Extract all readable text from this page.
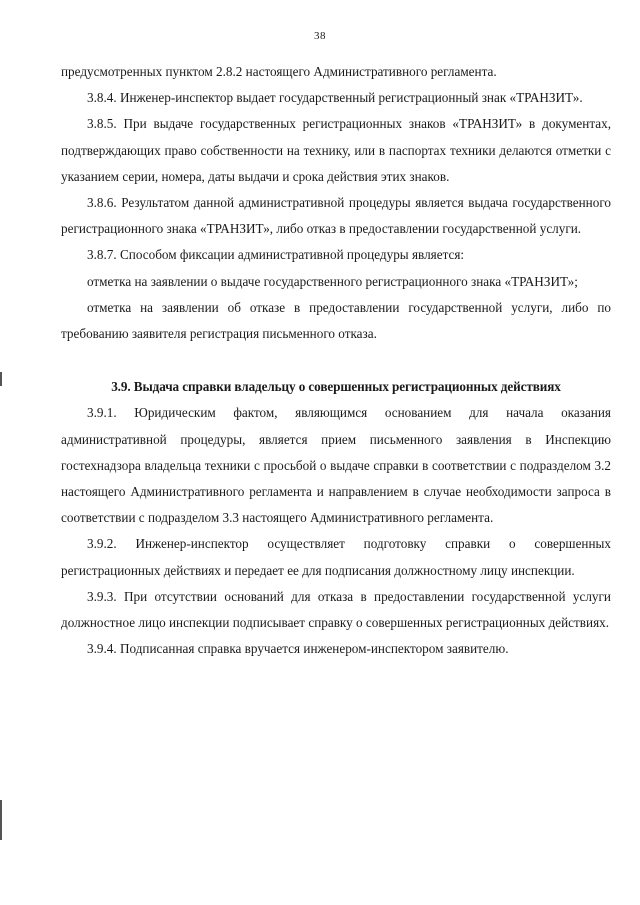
38

предусмотренных пунктом 2.8.2 настоящего Административного регламента.

3.8.4. Инженер-инспектор выдает государственный регистрационный знак «ТРАНЗИТ».

3.8.5. При выдаче государственных регистрационных знаков «ТРАНЗИТ» в документах, подтверждающих право собственности на технику, или в паспортах техники делаются отметки с указанием серии, номера, даты выдачи и срока действия этих знаков.

3.8.6. Результатом данной административной процедуры является выдача государственного регистрационного знака «ТРАНЗИТ», либо отказ в предоставлении государственной услуги.

3.8.7. Способом фиксации административной процедуры является:

отметка на заявлении о выдаче государственного регистрационного знака «ТРАНЗИТ»;

отметка на заявлении об отказе в предоставлении государственной услуги, либо по требованию заявителя регистрация письменного отказа.

3.9. Выдача справки владельцу о совершенных регистрационных действиях

3.9.1. Юридическим фактом, являющимся основанием для начала оказания административной процедуры, является прием письменного заявления в Инспекцию гостехнадзора владельца техники с просьбой о выдаче справки в соответствии с подразделом 3.2 настоящего Административного регламента и направлением в случае необходимости запроса в соответствии с подразделом 3.3 настоящего Административного регламента.

3.9.2. Инженер-инспектор осуществляет подготовку справки о совершенных регистрационных действиях и передает ее для подписания должностному лицу инспекции.

3.9.3. При отсутствии оснований для отказа в предоставлении государственной услуги должностное лицо инспекции подписывает справку о совершенных регистрационных действиях.

3.9.4. Подписанная справка вручается инженером-инспектором заявителю.
